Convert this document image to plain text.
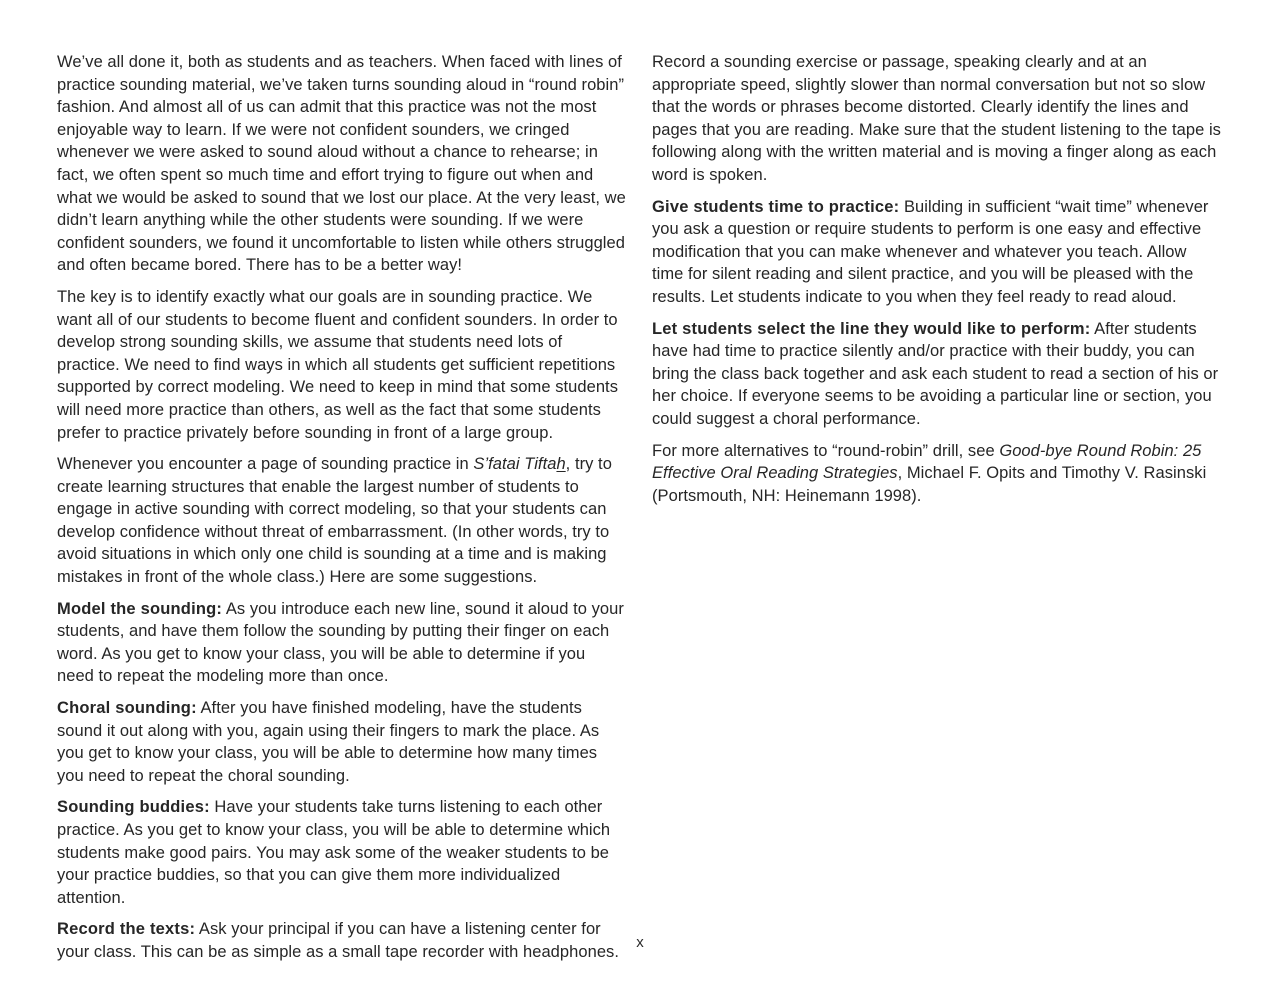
We’ve all done it, both as students and as teachers. When faced with lines of practice sounding material, we’ve taken turns sounding aloud in “round robin” fashion. And almost all of us can admit that this practice was not the most enjoyable way to learn. If we were not confident sounders, we cringed whenever we were asked to sound aloud without a chance to rehearse; in fact, we often spent so much time and effort trying to figure out when and what we would be asked to sound that we lost our place. At the very least, we didn’t learn anything while the other students were sounding. If we were confident sounders, we found it uncomfortable to listen while others struggled and often became bored. There has to be a better way!

The key is to identify exactly what our goals are in sounding practice. We want all of our students to become fluent and confident sounders. In order to develop strong sounding skills, we assume that students need lots of practice. We need to find ways in which all students get sufficient repetitions supported by correct modeling. We need to keep in mind that some students will need more practice than others, as well as the fact that some students prefer to practice privately before sounding in front of a large group.

Whenever you encounter a page of sounding practice in S’fatai Tiftah, try to create learning structures that enable the largest number of students to engage in active sounding with correct modeling, so that your students can develop confidence without threat of embarrassment. (In other words, try to avoid situations in which only one child is sounding at a time and is making mistakes in front of the whole class.) Here are some suggestions.

Model the sounding: As you introduce each new line, sound it aloud to your students, and have them follow the sounding by putting their finger on each word. As you get to know your class, you will be able to determine if you need to repeat the modeling more than once.

Choral sounding: After you have finished modeling, have the students sound it out along with you, again using their fingers to mark the place. As you get to know your class, you will be able to determine how many times you need to repeat the choral sounding.

Sounding buddies: Have your students take turns listening to each other practice. As you get to know your class, you will be able to determine which students make good pairs. You may ask some of the weaker students to be your practice buddies, so that you can give them more individualized attention.

Record the texts: Ask your principal if you can have a listening center for your class. This can be as simple as a small tape recorder with headphones.

Record a sounding exercise or passage, speaking clearly and at an appropriate speed, slightly slower than normal conversation but not so slow that the words or phrases become distorted. Clearly identify the lines and pages that you are reading. Make sure that the student listening to the tape is following along with the written material and is moving a finger along as each word is spoken.

Give students time to practice: Building in sufficient “wait time” whenever you ask a question or require students to perform is one easy and effective modification that you can make whenever and whatever you teach. Allow time for silent reading and silent practice, and you will be pleased with the results. Let students indicate to you when they feel ready to read aloud.

Let students select the line they would like to perform: After students have had time to practice silently and/or practice with their buddy, you can bring the class back together and ask each student to read a section of his or her choice. If everyone seems to be avoiding a particular line or section, you could suggest a choral performance.

For more alternatives to “round-robin” drill, see Good-bye Round Robin: 25 Effective Oral Reading Strategies, Michael F. Opits and Timothy V. Rasinski (Portsmouth, NH: Heinemann 1998).

x
